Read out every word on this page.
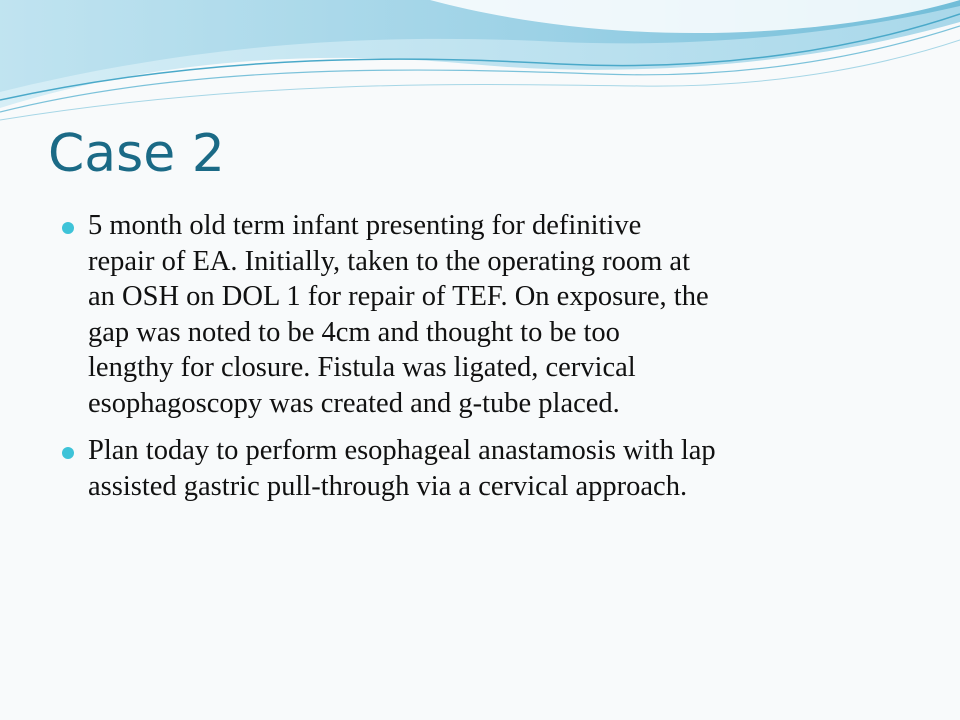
Case 2
5 month old term infant presenting for definitive
repair of EA. Initially, taken to the operating room at
an OSH on DOL 1 for repair of TEF. On exposure, the
gap was noted to be 4cm and thought to be too
lengthy for closure. Fistula was ligated, cervical
esophagoscopy was created and g-tube placed.
Plan today to perform esophageal anastamosis with lap
assisted gastric pull-through via a cervical approach.
